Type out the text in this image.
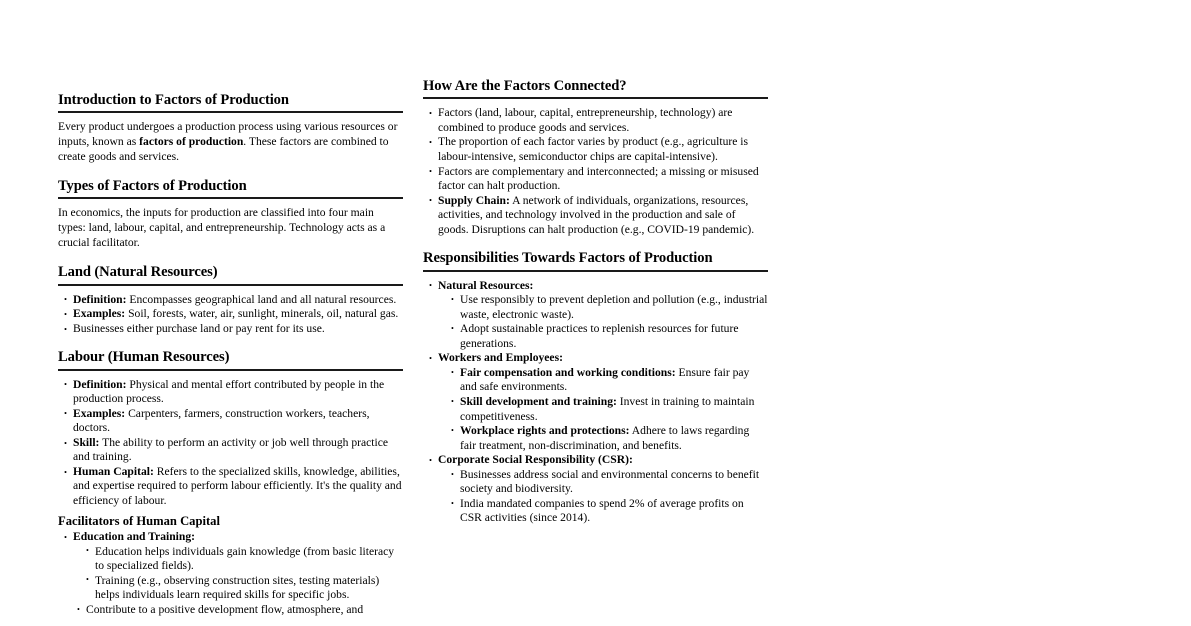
Introduction to Factors of Production

Every product undergoes a production process using various resources or inputs, known as factors of production. These factors are combined to create goods and services.

Types of Factors of Production

In economics, the inputs for production are classified into four main types: land, labour, capital, and entrepreneurship. Technology acts as a crucial facilitator.

Land (Natural Resources)
• Definition: Encompasses geographical land and all natural resources.
• Examples: Soil, forests, water, air, sunlight, minerals, oil, natural gas.
• Businesses either purchase land or pay rent for its use.
Labour (Human Resources)
• Definition: Physical and mental effort contributed by people in the production process.
• Examples: Carpenters, farmers, construction workers, teachers, doctors.
• Skill: The ability to perform an activity or job well through practice and training.
• Human Capital: Refers to the specialized skills, knowledge, abilities, and expertise required to perform labour efficiently. It's the quality and efficiency of labour.
Facilitators of Human Capital
• Education and Training:
• Education helps individuals gain knowledge (from basic literacy to specialized fields).
• Training (e.g., observing construction sites, testing materials) helps individuals learn required skills for specific jobs.
• Contribute to a positive development flow, atmosphere, and
How Are the Factors Connected?
• Factors (land, labour, capital, entrepreneurship, technology) are combined to produce goods and services.
• The proportion of each factor varies by product (e.g., agriculture is labour-intensive, semiconductor chips are capital-intensive).
• Factors are complementary and interconnected; a missing or misused factor can halt production.
• Supply Chain: A network of individuals, organizations, resources, activities, and technology involved in the production and sale of goods. Disruptions can halt production (e.g., COVID-19 pandemic).
Responsibilities Towards Factors of Production
• Natural Resources:
• Use responsibly to prevent depletion and pollution (e.g., industrial waste, electronic waste).
• Adopt sustainable practices to replenish resources for future generations.
• Workers and Employees:
• Fair compensation and working conditions: Ensure fair pay and safe environments.
• Skill development and training: Invest in training to maintain competitiveness.
• Workplace rights and protections: Adhere to laws regarding fair treatment, non-discrimination, and benefits.
• Corporate Social Responsibility (CSR):
• Businesses address social and environmental concerns to benefit society and biodiversity.
• India mandated companies to spend 2% of average profits on CSR activities (since 2014).
